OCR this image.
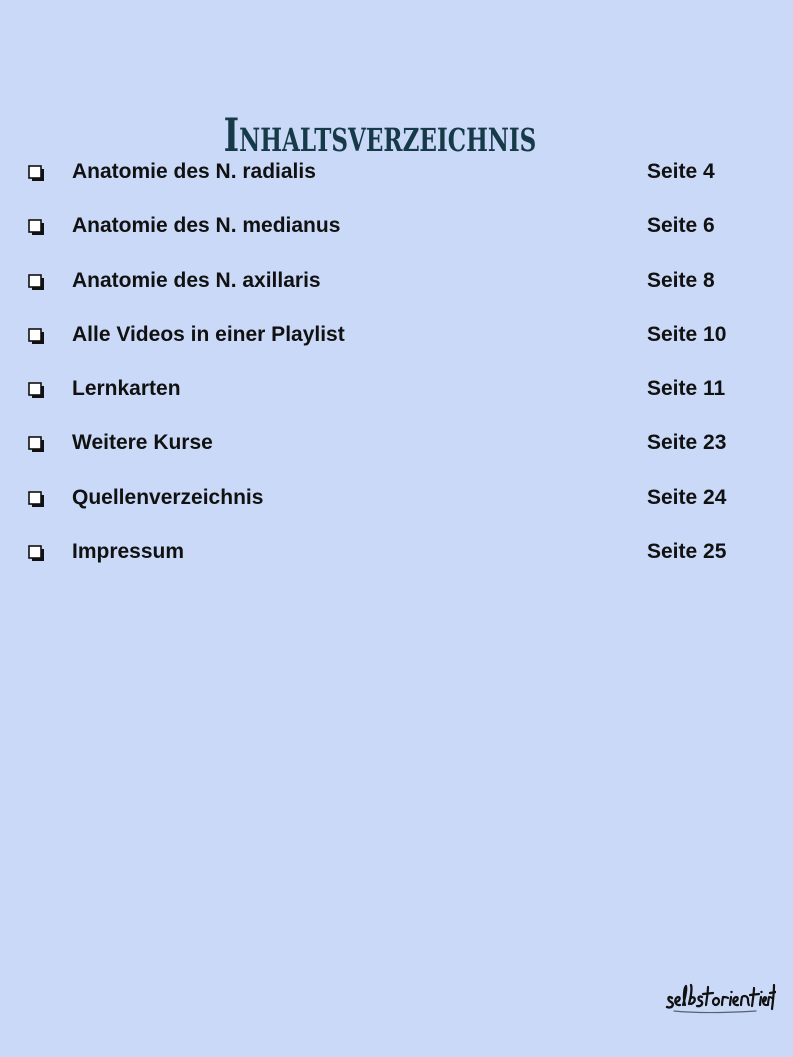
Inhaltsverzeichnis
Anatomie des N. radialis	Seite 4
Anatomie des N. medianus	Seite 6
Anatomie des N. axillaris	Seite 8
Alle Videos in einer Playlist	Seite 10
Lernkarten	Seite 11
Weitere Kurse	Seite 23
Quellenverzeichnis	Seite 24
Impressum	Seite 25
